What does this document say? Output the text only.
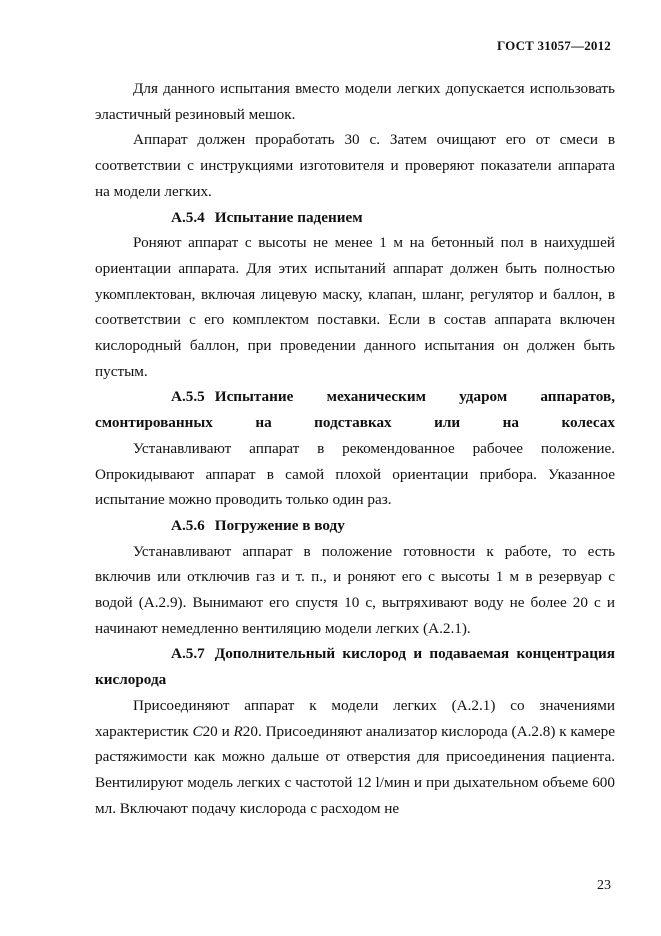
ГОСТ 31057—2012

Для данного испытания вместо модели легких допускается использовать эластичный резиновый мешок.

Аппарат должен проработать 30 с. Затем очищают его от смеси в соответствии с инструкциями изготовителя и проверяют показатели аппарата на модели легких.

А.5.4 Испытание падением

Роняют аппарат с высоты не менее 1 м на бетонный пол в наихудшей ориентации аппарата. Для этих испытаний аппарат должен быть полностью укомплектован, включая лицевую маску, клапан, шланг, регулятор и баллон, в соответствии с его комплектом поставки. Если в состав аппарата включен кислородный баллон, при проведении данного испытания он должен быть пустым.

А.5.5 Испытание механическим ударом аппаратов, смонтированных на подставках или на колесах

Устанавливают аппарат в рекомендованное рабочее положение. Опрокидывают аппарат в самой плохой ориентации прибора. Указанное испытание можно проводить только один раз.

А.5.6 Погружение в воду

Устанавливают аппарат в положение готовности к работе, то есть включив или отключив газ и т. п., и роняют его с высоты 1 м в резервуар с водой (А.2.9). Вынимают его спустя 10 с, вытряхивают воду не более 20 с и начинают немедленно вентиляцию модели легких (А.2.1).

А.5.7 Дополнительный кислород и подаваемая концентрация кислорода

Присоединяют аппарат к модели легких (А.2.1) со значениями характеристик C20 и R20. Присоединяют анализатор кислорода (А.2.8) к камере растяжимости как можно дальше от отверстия для присоединения пациента. Вентилируют модель легких с частотой 12 l/мин и при дыхательном объеме 600 мл. Включают подачу кислорода с расходом не

23
